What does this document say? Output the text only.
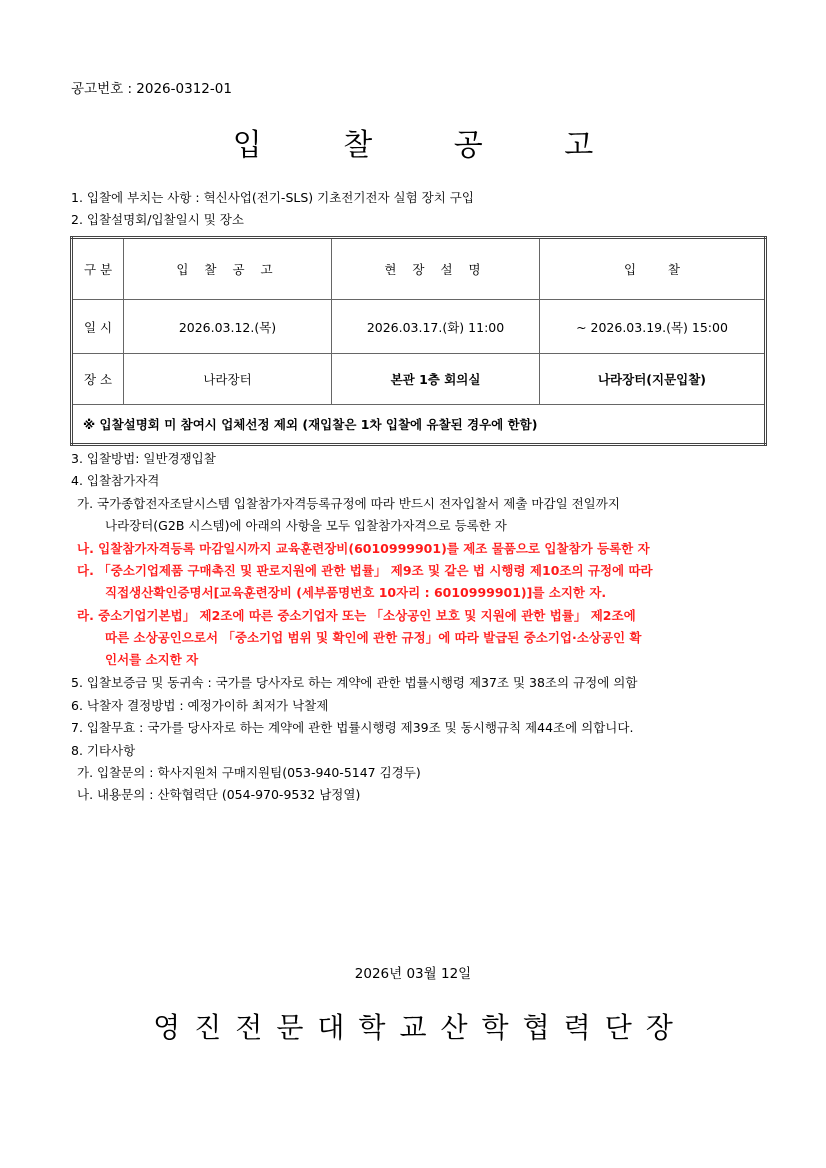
공고번호 : 2026-0312-01
입 찰 공 고
1. 입찰에 부치는 사항 : 혁신사업(전기-SLS) 기초전기전자 실험 장치 구입
2. 입찰설명회/입찰일시 및 장소
구 분	입 찰 공 고	현 장 설 명	입        찰
일 시	2026.03.12.(목)	2026.03.17.(화) 11:00	~ 2026.03.19.(목) 15:00
장 소	나라장터	본관 1층 회의실	나라장터(지문입찰)
※ 입찰설명회 미 참여시 업체선정 제외 (재입찰은 1차 입찰에 유찰된 경우에 한함)			
3. 입찰방법: 일반경쟁입찰
4. 입찰참가자격
가. 국가종합전자조달시스템 입찰참가자격등록규정에 따라 반드시 전자입찰서 제출 마감일 전일까지
나라장터(G2B 시스템)에 아래의 사항을 모두 입찰참가자격으로 등록한 자
나. 입찰참가자격등록 마감일시까지 교육훈련장비(6010999901)를 제조 물품으로 입찰참가 등록한 자
다. 「중소기업제품 구매촉진 및 판로지원에 관한 법률」 제9조 및 같은 법 시행령 제10조의 규정에 따라
직접생산확인증명서[교육훈련장비 (세부품명번호 10자리 : 6010999901)]를 소지한 자.
라. 중소기업기본법」 제2조에 따른 중소기업자 또는 「소상공인 보호 및 지원에 관한 법률」 제2조에
따른 소상공인으로서 「중소기업 범위 및 확인에 관한 규정」에 따라 발급된 중소기업·소상공인 확
인서를 소지한 자
5. 입찰보증금 및 동귀속 : 국가를 당사자로 하는 계약에 관한 법률시행령 제37조 및 38조의 규정에 의함
6. 낙찰자 결정방법 : 예정가이하 최저가 낙찰제
7. 입찰무효 : 국가를 당사자로 하는 계약에 관한 법률시행령 제39조 및 동시행규칙 제44조에 의합니다.
8. 기타사항
가. 입찰문의 : 학사지원처 구매지원팀(053-940-5147 김경두)
나. 내용문의 : 산학협력단 (054-970-9532 남정열)
2026년 03월 12일
영진전문대학교산학협력단장
